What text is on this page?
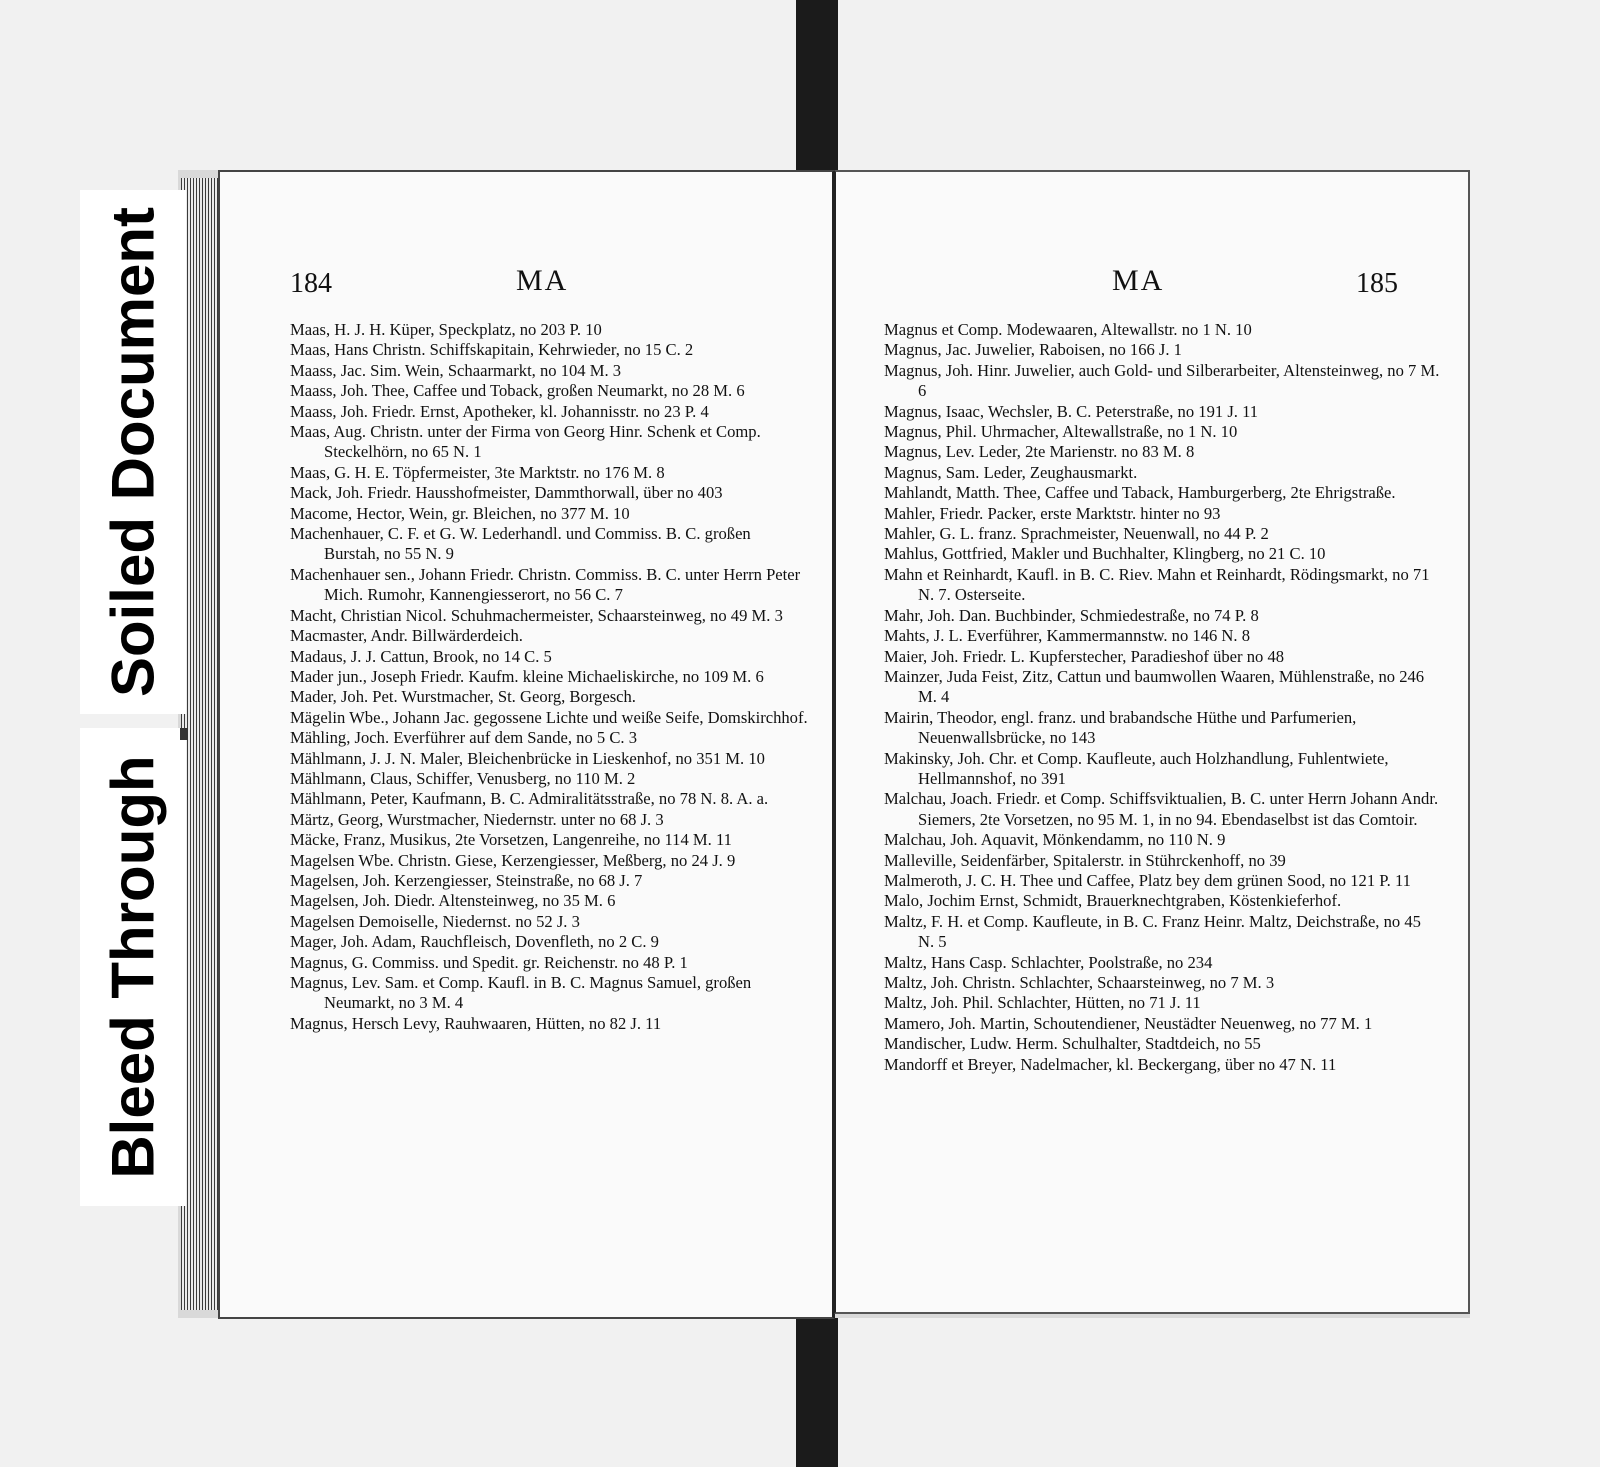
Soiled Document
Bleed Through
184	MA
Maas, H. J. H. Küper, Speckplatz, no 203 P. 10
Maas, Hans Christn. Schiffskapitain, Kehrwieder, no 15 C. 2
Maass, Jac. Sim. Wein, Schaarmarkt, no 104 M. 3
Maass, Joh. Thee, Caffee und Toback, großen Neumarkt, no 28 M. 6
Maass, Joh. Friedr. Ernst, Apotheker, kl. Johannisstr. no 23 P. 4
Maas, Aug. Christn. unter der Firma von Georg Hinr. Schenk et Comp. Steckelhörn, no 65 N. 1
Maas, G. H. E. Töpfermeister, 3te Marktstr. no 176 M. 8
Mack, Joh. Friedr. Hausshofmeister, Dammthorwall, über no 403
Macome, Hector, Wein, gr. Bleichen, no 377 M. 10
Machenhauer, C. F. et G. W. Lederhandl. und Commiss. B. C. großen Burstah, no 55 N. 9
Machenhauer sen., Johann Friedr. Christn. Commiss. B. C. unter Herrn Peter Mich. Rumohr, Kannengiesserort, no 56 C. 7
Macht, Christian Nicol. Schuhmachermeister, Schaarsteinweg, no 49 M. 3
Macmaster, Andr. Billwärderdeich.
Madaus, J. J. Cattun, Brook, no 14 C. 5
Mader jun., Joseph Friedr. Kaufm. kleine Michaeliskirche, no 109 M. 6
Mader, Joh. Pet. Wurstmacher, St. Georg, Borgesch.
Mägelin Wbe., Johann Jac. gegossene Lichte und weiße Seife, Domskirchhof.
Mähling, Joch. Everführer auf dem Sande, no 5 C. 3
Mählmann, J. J. N. Maler, Bleichenbrücke in Lieskenhof, no 351 M. 10
Mählmann, Claus, Schiffer, Venusberg, no 110 M. 2
Mählmann, Peter, Kaufmann, B. C. Admiralitätsstraße, no 78 N. 8. A. a.
Märtz, Georg, Wurstmacher, Niedernstr. unter no 68 J. 3
Mäcke, Franz, Musikus, 2te Vorsetzen, Langenreihe, no 114 M. 11
Magelsen Wbe. Christn. Giese, Kerzengiesser, Meßberg, no 24 J. 9
Magelsen, Joh. Kerzengiesser, Steinstraße, no 68 J. 7
Magelsen, Joh. Diedr. Altensteinweg, no 35 M. 6
Magelsen Demoiselle, Niedernst. no 52 J. 3
Mager, Joh. Adam, Rauchfleisch, Dovenfleth, no 2 C. 9
Magnus, G. Commiss. und Spedit. gr. Reichenstr. no 48 P. 1
Magnus, Lev. Sam. et Comp. Kaufl. in B. C. Magnus Samuel, großen Neumarkt, no 3 M. 4
Magnus, Hersch Levy, Rauhwaaren, Hütten, no 82 J. 11
185
MA
Magnus et Comp. Modewaaren, Altewallstr. no 1 N. 10
Magnus, Jac. Juwelier, Raboisen, no 166 J. 1
Magnus, Joh. Hinr. Juwelier, auch Gold- und Silberarbeiter, Altensteinweg, no 7 M. 6
Magnus, Isaac, Wechsler, B. C. Peterstraße, no 191 J. 11
Magnus, Phil. Uhrmacher, Altewallstraße, no 1 N. 10
Magnus, Lev. Leder, 2te Marienstr. no 83 M. 8
Magnus, Sam. Leder, Zeughausmarkt.
Mahlandt, Matth. Thee, Caffee und Taback, Hamburgerberg, 2te Ehrigstraße.
Mahler, Friedr. Packer, erste Marktstr. hinter no 93
Mahler, G. L. franz. Sprachmeister, Neuenwall, no 44 P. 2
Mahlus, Gottfried, Makler und Buchhalter, Klingberg, no 21 C. 10
Mahn et Reinhardt, Kaufl. in B. C. Riev. Mahn et Reinhardt, Rödingsmarkt, no 71 N. 7. Osterseite.
Mahr, Joh. Dan. Buchbinder, Schmiedestraße, no 74 P. 8
Mahts, J. L. Everführer, Kammermannstw. no 146 N. 8
Maier, Joh. Friedr. L. Kupferstecher, Paradieshof über no 48
Mainzer, Juda Feist, Zitz, Cattun und baumwollen Waaren, Mühlenstraße, no 246 M. 4
Mairin, Theodor, engl. franz. und brabandsche Hüthe und Parfumerien, Neuenwallsbrücke, no 143
Makinsky, Joh. Chr. et Comp. Kaufleute, auch Holzhandlung, Fuhlentwiete, Hellmannshof, no 391
Malchau, Joach. Friedr. et Comp. Schiffsviktualien, B. C. unter Herrn Johann Andr. Siemers, 2te Vorsetzen, no 95 M. 1, in no 94. Ebendaselbst ist das Comtoir.
Malchau, Joh. Aquavit, Mönkendamm, no 110 N. 9
Malleville, Seidenfärber, Spitalerstr. in Stührckenhoff, no 39
Malmeroth, J. C. H. Thee und Caffee, Platz bey dem grünen Sood, no 121 P. 11
Malo, Jochim Ernst, Schmidt, Brauerknechtgraben, Köstenkieferhof.
Maltz, F. H. et Comp. Kaufleute, in B. C. Franz Heinr. Maltz, Deichstraße, no 45 N. 5
Maltz, Hans Casp. Schlachter, Poolstraße, no 234
Maltz, Joh. Christn. Schlachter, Schaarsteinweg, no 7 M. 3
Maltz, Joh. Phil. Schlachter, Hütten, no 71 J. 11
Mamero, Joh. Martin, Schoutendiener, Neustädter Neuenweg, no 77 M. 1
Mandischer, Ludw. Herm. Schulhalter, Stadtdeich, no 55
Mandorff et Breyer, Nadelmacher, kl. Beckergang, über no 47 N. 11
